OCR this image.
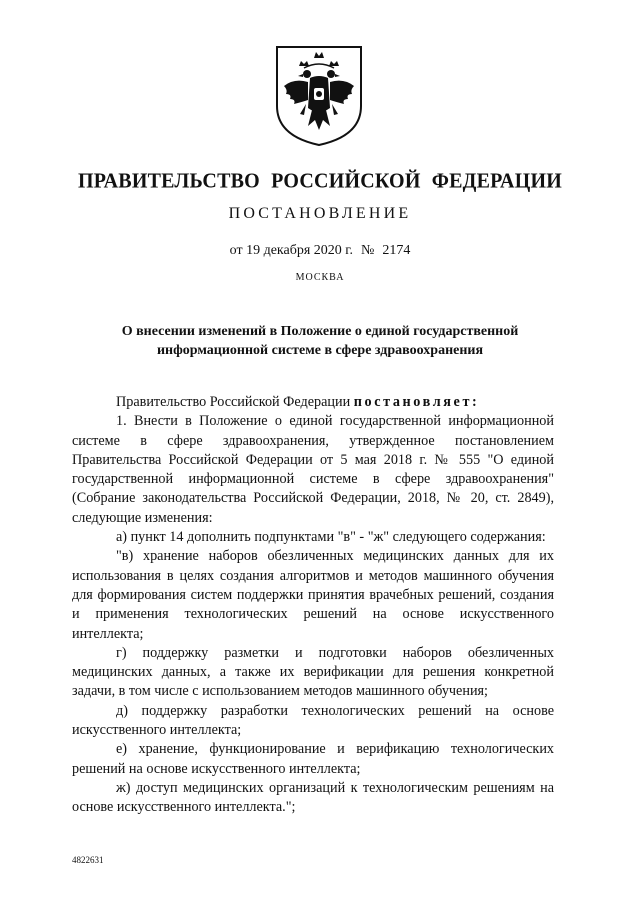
ПРАВИТЕЛЬСТВО РОССИЙСКОЙ ФЕДЕРАЦИИ
ПОСТАНОВЛЕНИЕ
от 19 декабря 2020 г. № 2174
МОСКВА
О внесении изменений в Положение о единой государственной
информационной системе в сфере здравоохранения

Правительство Российской Федерации постановляет:

1. Внести в Положение о единой государственной информационной системе в сфере здравоохранения, утвержденное постановлением Правительства Российской Федерации от 5 мая 2018 г. № 555 "О единой государственной информационной системе в сфере здравоохранения" (Собрание законодательства Российской Федерации, 2018, № 20, ст. 2849), следующие изменения:

а) пункт 14 дополнить подпунктами "в" - "ж" следующего содержания:

"в) хранение наборов обезличенных медицинских данных для их использования в целях создания алгоритмов и методов машинного обучения для формирования систем поддержки принятия врачебных решений, создания и применения технологических решений на основе искусственного интеллекта;

г) поддержку разметки и подготовки наборов обезличенных медицинских данных, а также их верификации для решения конкретной задачи, в том числе с использованием методов машинного обучения;

д) поддержку разработки технологических решений на основе искусственного интеллекта;

е) хранение, функционирование и верификацию технологических решений на основе искусственного интеллекта;

ж) доступ медицинских организаций к технологическим решениям на основе искусственного интеллекта.";

4822631
